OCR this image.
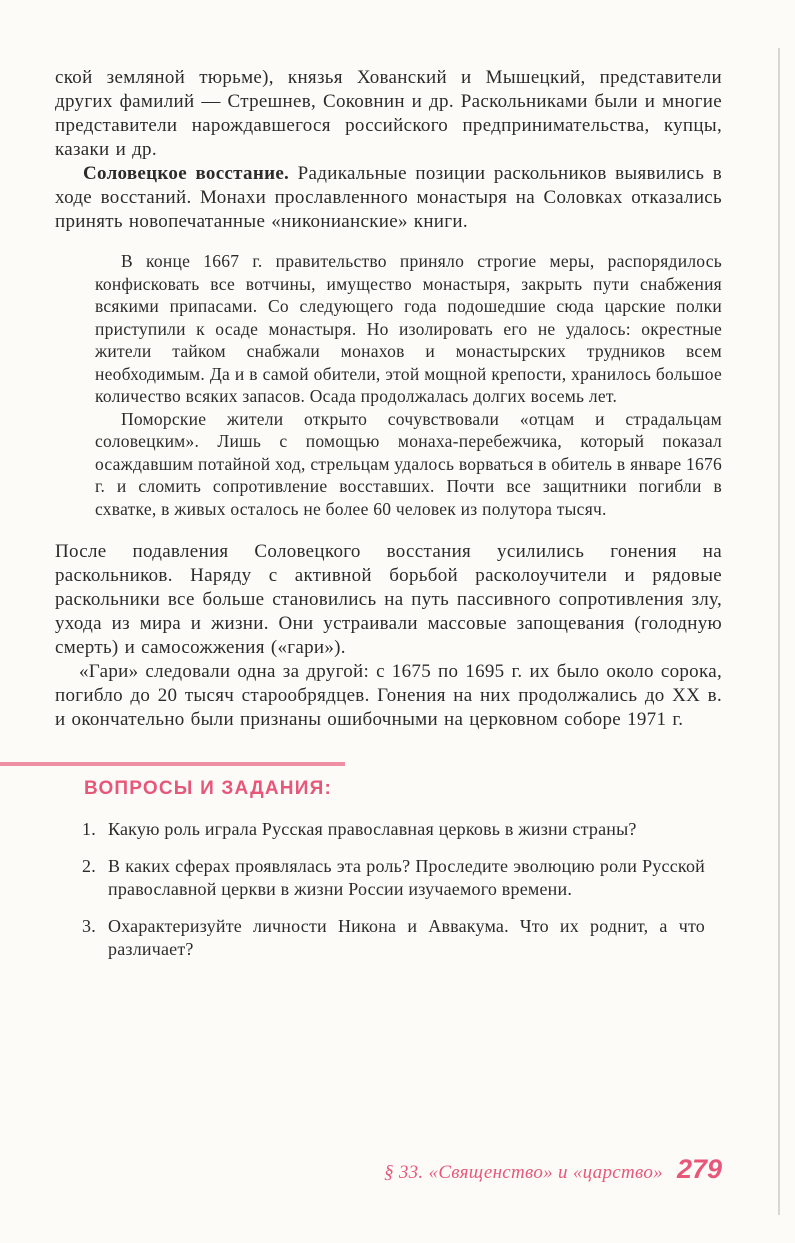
ской земляной тюрьме), князья Хованский и Мышецкий, представители других фамилий — Стрешнев, Соковнин и др. Раскольниками были и многие представители нарождавшегося российского предпринимательства, купцы, казаки и др.

Соловецкое восстание. Радикальные позиции раскольников выявились в ходе восстаний. Монахи прославленного монастыря на Соловках отказались принять новопечатанные «никонианские» книги.

В конце 1667 г. правительство приняло строгие меры, распорядилось конфисковать все вотчины, имущество монастыря, закрыть пути снабжения всякими припасами. Со следующего года подошедшие сюда царские полки приступили к осаде монастыря. Но изолировать его не удалось: окрестные жители тайком снабжали монахов и монастырских трудников всем необходимым. Да и в самой обители, этой мощной крепости, хранилось большое количество всяких запасов. Осада продолжалась долгих восемь лет.

Поморские жители открыто сочувствовали «отцам и страдальцам соловецким». Лишь с помощью монаха-перебежчика, который показал осаждавшим потайной ход, стрельцам удалось ворваться в обитель в январе 1676 г. и сломить сопротивление восставших. Почти все защитники погибли в схватке, в живых осталось не более 60 человек из полутора тысяч.

После подавления Соловецкого восстания усилились гонения на раскольников. Наряду с активной борьбой расколоучители и рядовые раскольники все больше становились на путь пассивного сопротивления злу, ухода из мира и жизни. Они устраивали массовые запощевания (голодную смерть) и самосожжения («гари»).

«Гари» следовали одна за другой: с 1675 по 1695 г. их было около сорока, погибло до 20 тысяч старообрядцев. Гонения на них продолжались до XX в. и окончательно были признаны ошибочными на церковном соборе 1971 г.

ВОПРОСЫ И ЗАДАНИЯ:
1. Какую роль играла Русская православная церковь в жизни страны?
2. В каких сферах проявлялась эта роль? Проследите эволюцию роли Русской православной церкви в жизни России изучаемого времени.
3. Охарактеризуйте личности Никона и Аввакума. Что их роднит, а что различает?
§ 33. «Священство» и «царство» 279
